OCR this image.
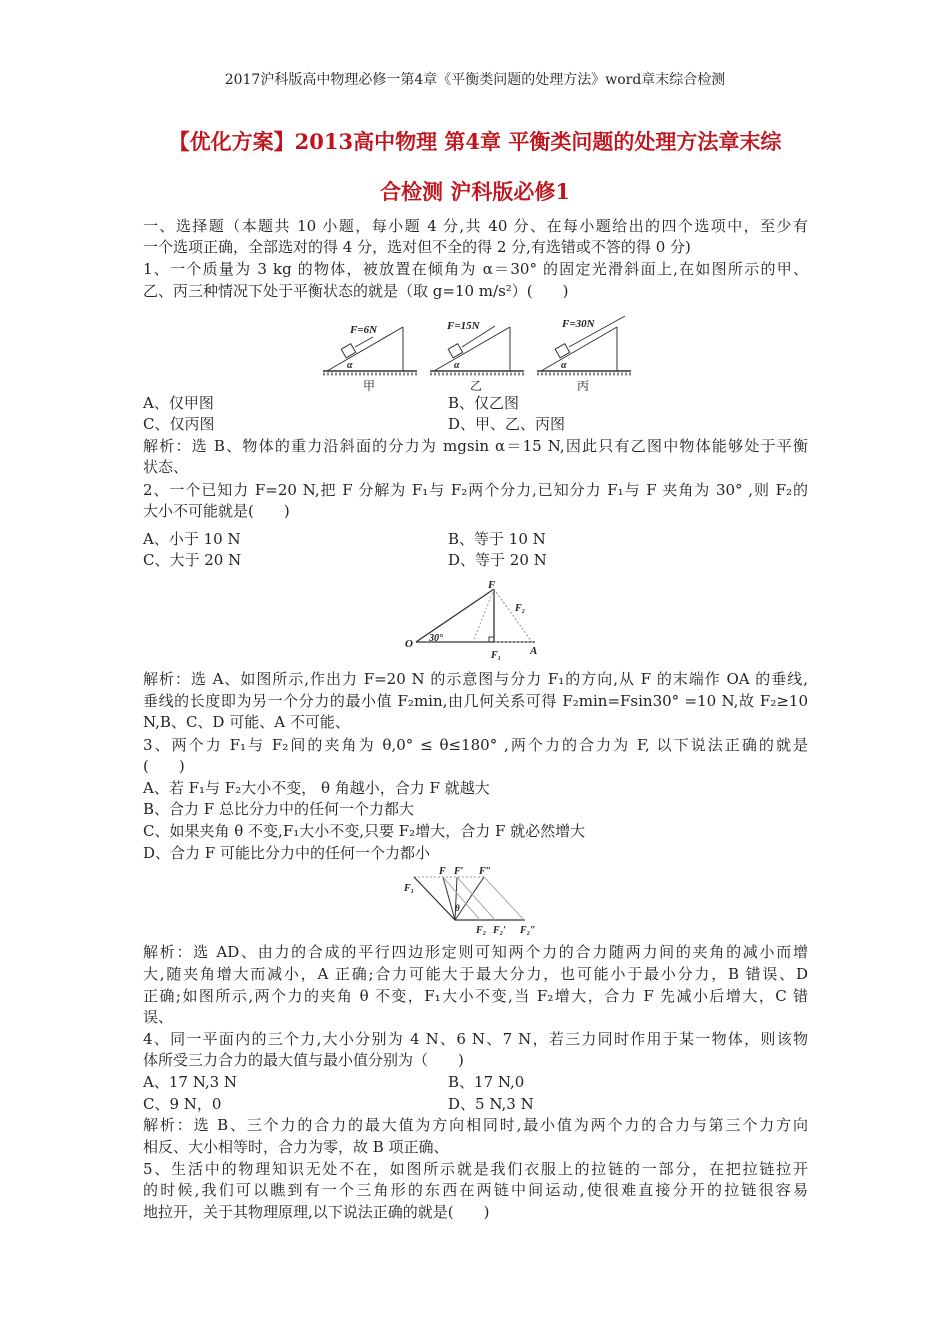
2017沪科版高中物理必修一第4章《平衡类问题的处理方法》word章末综合检测
【优化方案】2013高中物理 第4章 平衡类问题的处理方法章末综
合检测 沪科版必修1
一、选择题（本题共 10 小题，每小题 4 分,共 40 分、在每小题给出的四个选项中，至少有
一个选项正确，全部选对的得 4 分，选对但不全的得 2 分,有选错或不答的得 0 分)
1、一个质量为 3 kg 的物体，被放置在倾角为 α＝30° 的固定光滑斜面上,在如图所示的甲、
乙、丙三种情况下处于平衡状态的就是（取 g=10 m/s²）(　　)
F=6N
α
甲
F=15N
α
乙
F=30N
α
丙
A、仅甲图	B、仅乙图
C、仅丙图	D、甲、乙、丙图
解析：选 B、物体的重力沿斜面的分力为 mgsin α＝15 N,因此只有乙图中物体能够处于平衡
状态、
2、一个已知力 F=20 N,把 F 分解为 F₁与 F₂两个分力,已知分力 F₁与 F 夹角为 30° ,则 F₂的
大小不可能就是(　　)
A、小于 10 N	B、等于 10 N
C、大于 20 N	D、等于 20 N
F
F₂
O 30°
F₁	A
解析：选 A、如图所示,作出力 F=20 N 的示意图与分力 F₁的方向,从 F 的末端作 OA 的垂线,
垂线的长度即为另一个分力的最小值 F₂min,由几何关系可得 F₂min=Fsin30° =10 N,故 F₂≥10
N,B、C、D 可能、A 不可能、
3、两个力 F₁与 F₂间的夹角为 θ,0° ≤ θ≤180° ,两个力的合力为 F, 以下说法正确的就是
(　　)
A、若 F₁与 F₂大小不变， θ 角越小，合力 F 就越大
B、合力 F 总比分力中的任何一个力都大
C、如果夹角 θ 不变,F₁大小不变,只要 F₂增大，合力 F 就必然增大
D、合力 F 可能比分力中的任何一个力都小
F₁
F F′ F″
θ
F₂ F₂′ F₂″
解析：选 AD、由力的合成的平行四边形定则可知两个力的合力随两力间的夹角的减小而增
大,随夹角增大而减小，A 正确;合力可能大于最大分力，也可能小于最小分力，B 错误、D
正确;如图所示,两个力的夹角 θ 不变，F₁大小不变,当 F₂增大，合力 F 先减小后增大，C 错
误、
4、同一平面内的三个力,大小分别为 4 N、6 N、7 N，若三力同时作用于某一物体，则该物
体所受三力合力的最大值与最小值分别为（　　)
A、17 N,3 N	B、17 N,0
C、9 N，0	D、5 N,3 N
解析：选 B、三个力的合力的最大值为方向相同时,最小值为两个力的合力与第三个力方向
相反、大小相等时，合力为零，故 B 项正确、
5、生活中的物理知识无处不在，如图所示就是我们衣服上的拉链的一部分，在把拉链拉开
的时候,我们可以瞧到有一个三角形的东西在两链中间运动,使很难直接分开的拉链很容易
地拉开，关于其物理原理,以下说法正确的就是(　　)
